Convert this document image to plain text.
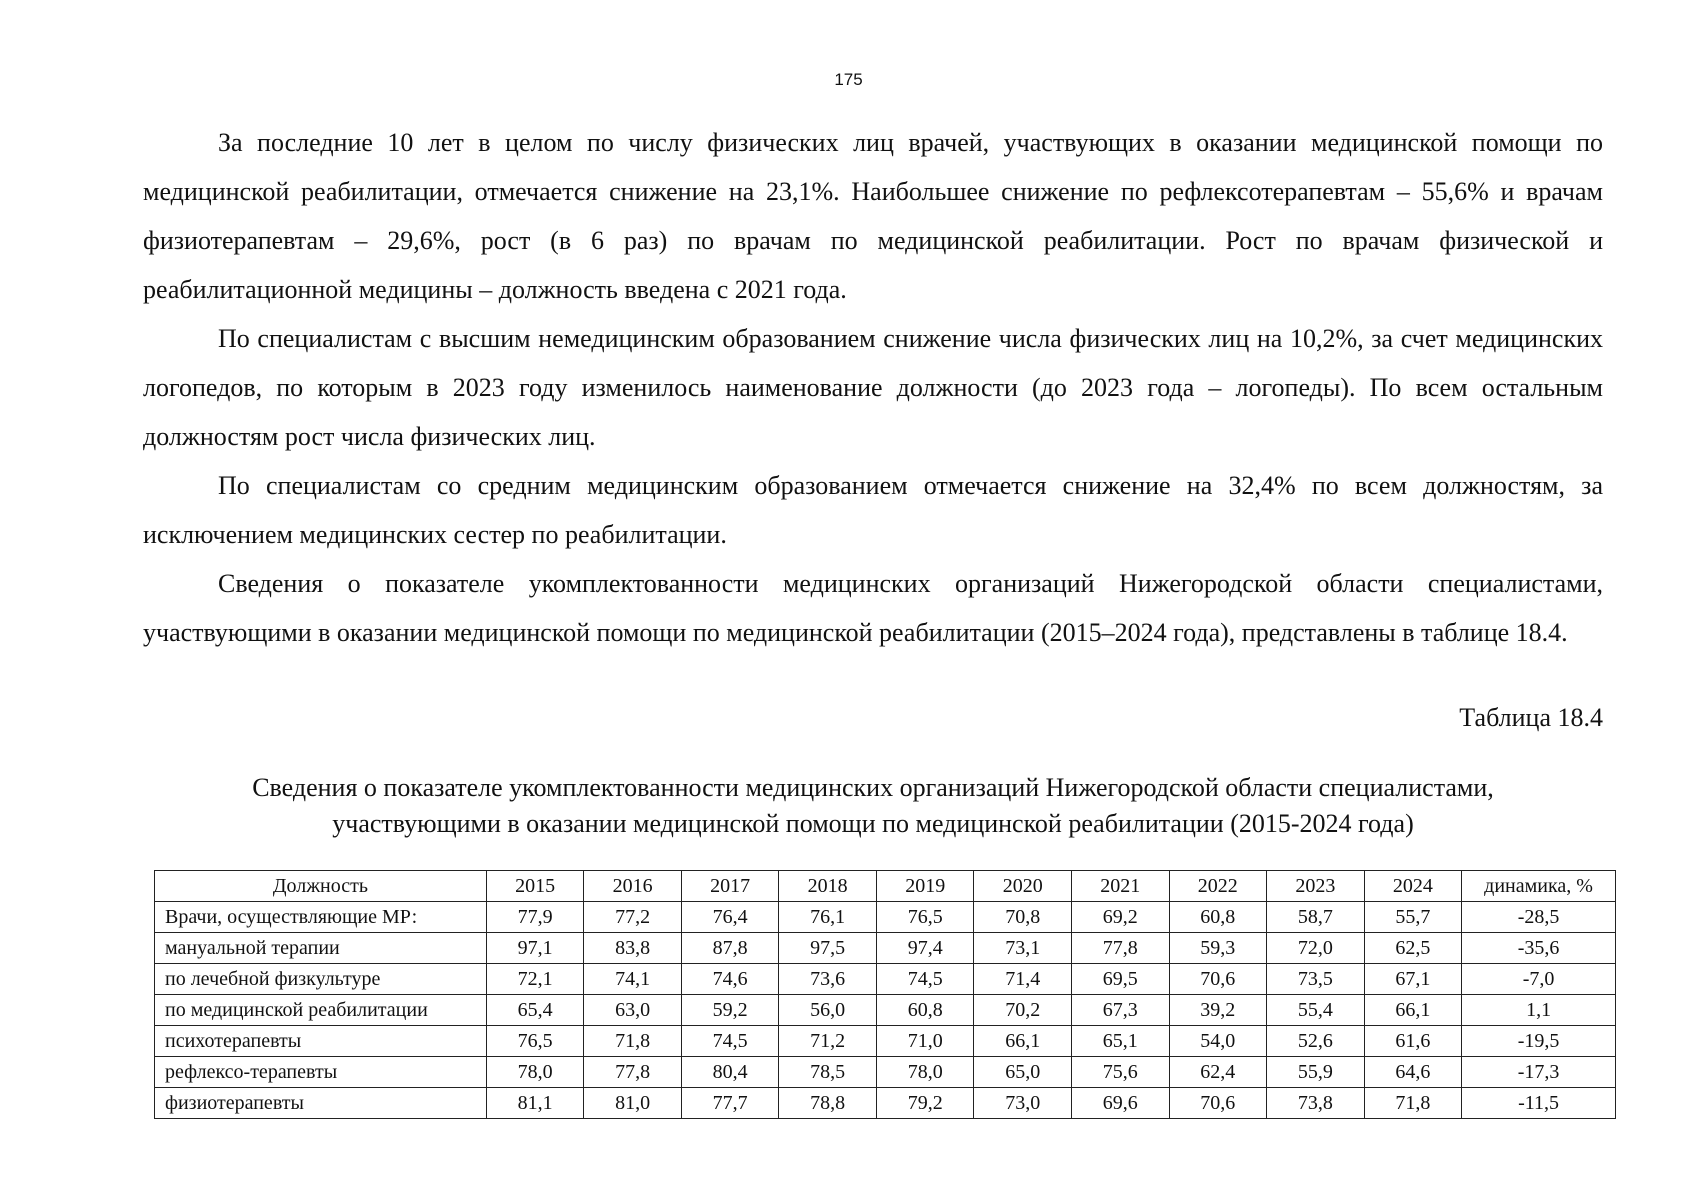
175

За последние 10 лет в целом по числу физических лиц врачей, участвующих в оказании медицинской помощи по медицинской реабилитации, отмечается снижение на 23,1%. Наибольшее снижение по рефлексотерапевтам – 55,6% и врачам физиотерапевтам – 29,6%, рост (в 6 раз) по врачам по медицинской реабилитации. Рост по врачам физической и реабилитационной медицины – должность введена с 2021 года.

По специалистам с высшим немедицинским образованием снижение числа физических лиц на 10,2%, за счет медицинских логопедов, по которым в 2023 году изменилось наименование должности (до 2023 года – логопеды). По всем остальным должностям рост числа физических лиц.

По специалистам со средним медицинским образованием отмечается снижение на 32,4% по всем должностям, за исключением медицинских сестер по реабилитации.

Сведения о показателе укомплектованности медицинских организаций Нижегородской области специалистами, участвующими в оказании медицинской помощи по медицинской реабилитации (2015–2024 года), представлены в таблице 18.4.

Таблица 18.4
Сведения о показателе укомплектованности медицинских организаций Нижегородской области специалистами,
участвующими в оказании медицинской помощи по медицинской реабилитации (2015-2024 года)
Должность	2015	2016	2017	2018	2019	2020	2021	2022	2023	2024	динамика, %
Врачи, осуществляющие МР:	77,9	77,2	76,4	76,1	76,5	70,8	69,2	60,8	58,7	55,7	-28,5
мануальной терапии	97,1	83,8	87,8	97,5	97,4	73,1	77,8	59,3	72,0	62,5	-35,6
по лечебной физкультуре	72,1	74,1	74,6	73,6	74,5	71,4	69,5	70,6	73,5	67,1	-7,0
по медицинской реабилитации	65,4	63,0	59,2	56,0	60,8	70,2	67,3	39,2	55,4	66,1	1,1
психотерапевты	76,5	71,8	74,5	71,2	71,0	66,1	65,1	54,0	52,6	61,6	-19,5
рефлексо-терапевты	78,0	77,8	80,4	78,5	78,0	65,0	75,6	62,4	55,9	64,6	-17,3
физиотерапевты	81,1	81,0	77,7	78,8	79,2	73,0	69,6	70,6	73,8	71,8	-11,5
